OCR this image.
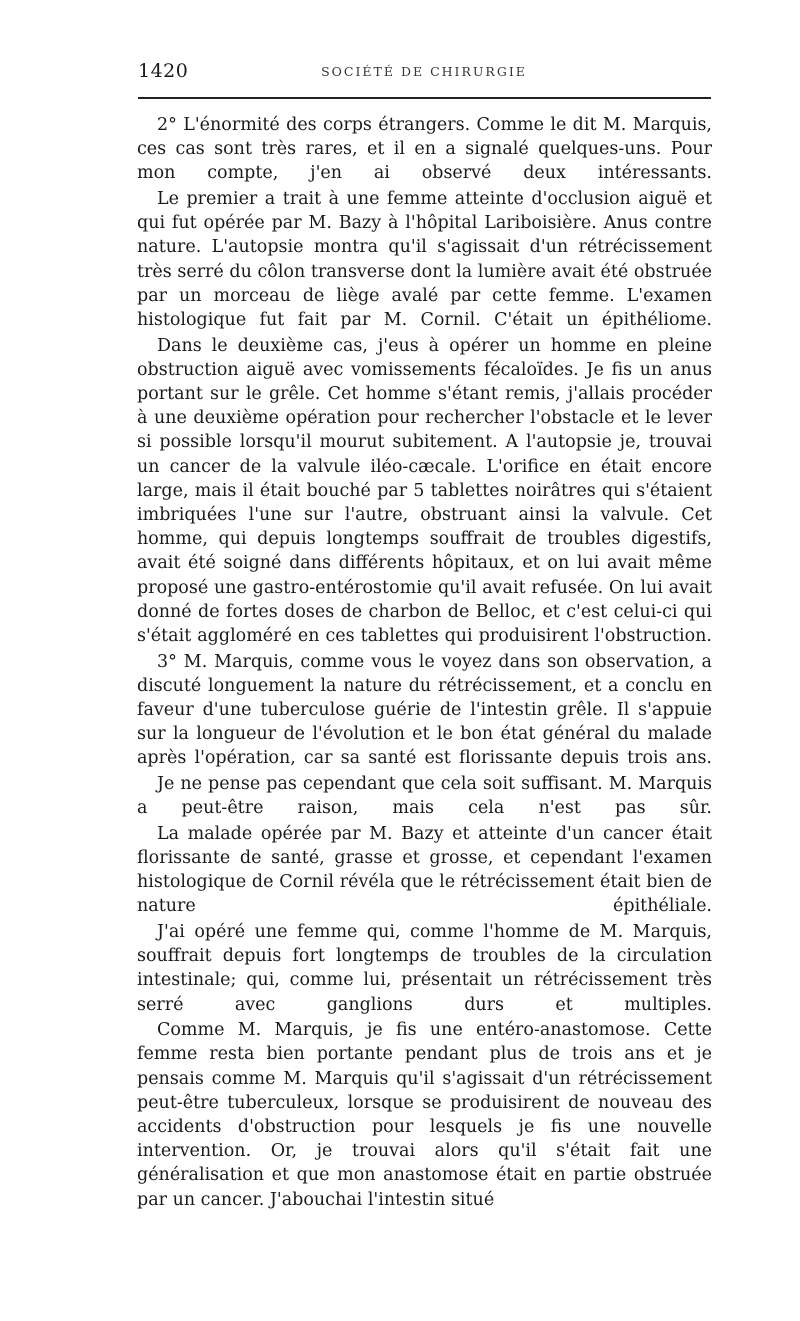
1420	SOCIÉTÉ DE CHIRURGIE

2° L'énormité des corps étrangers. Comme le dit M. Marquis, ces cas sont très rares, et il en a signalé quelques-uns. Pour mon compte, j'en ai observé deux intéressants.

Le premier a trait à une femme atteinte d'occlusion aiguë et qui fut opérée par M. Bazy à l'hôpital Lariboisière. Anus contre nature. L'autopsie montra qu'il s'agissait d'un rétrécissement très serré du côlon transverse dont la lumière avait été obstruée par un morceau de liège avalé par cette femme. L'examen histologique fut fait par M. Cornil. C'était un épithéliome.

Dans le deuxième cas, j'eus à opérer un homme en pleine obstruction aiguë avec vomissements fécaloïdes. Je fis un anus portant sur le grêle. Cet homme s'étant remis, j'allais procéder à une deuxième opération pour rechercher l'obstacle et le lever si possible lorsqu'il mourut subitement. A l'autopsie je, trouvai un cancer de la valvule iléo-cæcale. L'orifice en était encore large, mais il était bouché par 5 tablettes noirâtres qui s'étaient imbriquées l'une sur l'autre, obstruant ainsi la valvule. Cet homme, qui depuis longtemps souffrait de troubles digestifs, avait été soigné dans différents hôpitaux, et on lui avait même proposé une gastro-entérostomie qu'il avait refusée. On lui avait donné de fortes doses de charbon de Belloc, et c'est celui-ci qui s'était aggloméré en ces tablettes qui produisirent l'obstruction.

3° M. Marquis, comme vous le voyez dans son observation, a discuté longuement la nature du rétrécissement, et a conclu en faveur d'une tuberculose guérie de l'intestin grêle. Il s'appuie sur la longueur de l'évolution et le bon état général du malade après l'opération, car sa santé est florissante depuis trois ans.

Je ne pense pas cependant que cela soit suffisant. M. Marquis a peut-être raison, mais cela n'est pas sûr.

La malade opérée par M. Bazy et atteinte d'un cancer était florissante de santé, grasse et grosse, et cependant l'examen histologique de Cornil révéla que le rétrécissement était bien de nature épithéliale.

J'ai opéré une femme qui, comme l'homme de M. Marquis, souffrait depuis fort longtemps de troubles de la circulation intestinale; qui, comme lui, présentait un rétrécissement très serré avec ganglions durs et multiples.

Comme M. Marquis, je fis une entéro-anastomose. Cette femme resta bien portante pendant plus de trois ans et je pensais comme M. Marquis qu'il s'agissait d'un rétrécissement peut-être tuberculeux, lorsque se produisirent de nouveau des accidents d'obstruction pour lesquels je fis une nouvelle intervention. Or, je trouvai alors qu'il s'était fait une généralisation et que mon anastomose était en partie obstruée par un cancer. J'abouchai l'intestin situé
